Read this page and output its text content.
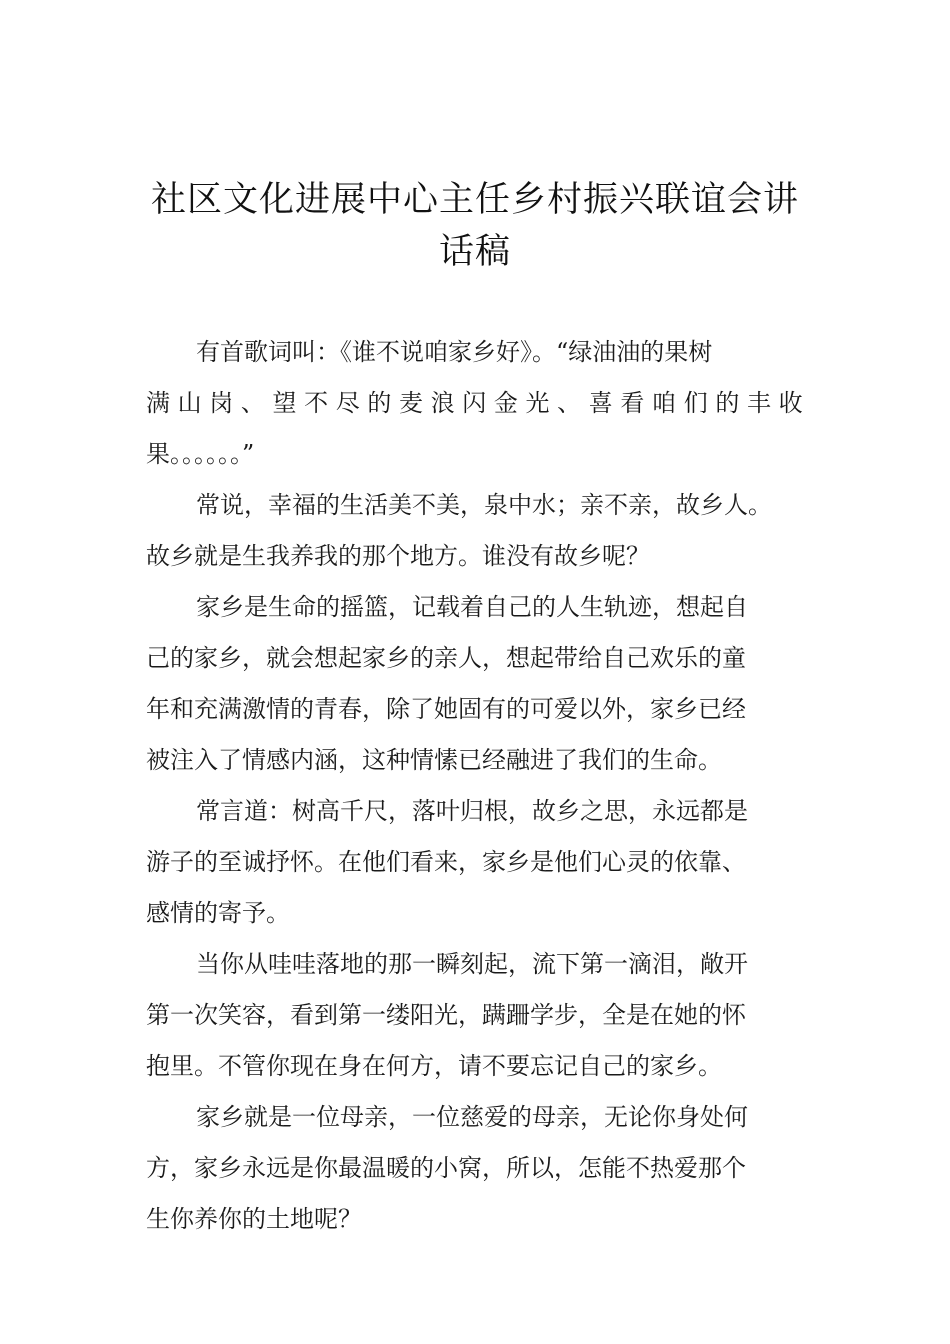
社区文化进展中心主任乡村振兴联谊会讲
话稿
有首歌词叫：《谁不说咱家乡好》。“绿油油的果树
满 山 岗 、 望 不 尽 的 麦 浪 闪 金 光 、 喜 看 咱 们 的 丰 收
果。。。。。。”
常说，幸福的生活美不美，泉中水；亲不亲，故乡人。
故乡就是生我养我的那个地方。谁没有故乡呢？
家乡是生命的摇篮，记载着自己的人生轨迹，想起自
己的家乡，就会想起家乡的亲人，想起带给自己欢乐的童
年和充满激情的青春，除了她固有的可爱以外，家乡已经
被注入了情感内涵，这种情愫已经融进了我们的生命。
常言道：树高千尺，落叶归根，故乡之思，永远都是
游子的至诚抒怀。在他们看来，家乡是他们心灵的依靠、
感情的寄予。
当你从哇哇落地的那一瞬刻起，流下第一滴泪，敞开
第一次笑容，看到第一缕阳光，蹒跚学步，全是在她的怀
抱里。不管你现在身在何方，请不要忘记自己的家乡。
家乡就是一位母亲，一位慈爱的母亲，无论你身处何
方，家乡永远是你最温暖的小窝，所以，怎能不热爱那个
生你养你的土地呢？
